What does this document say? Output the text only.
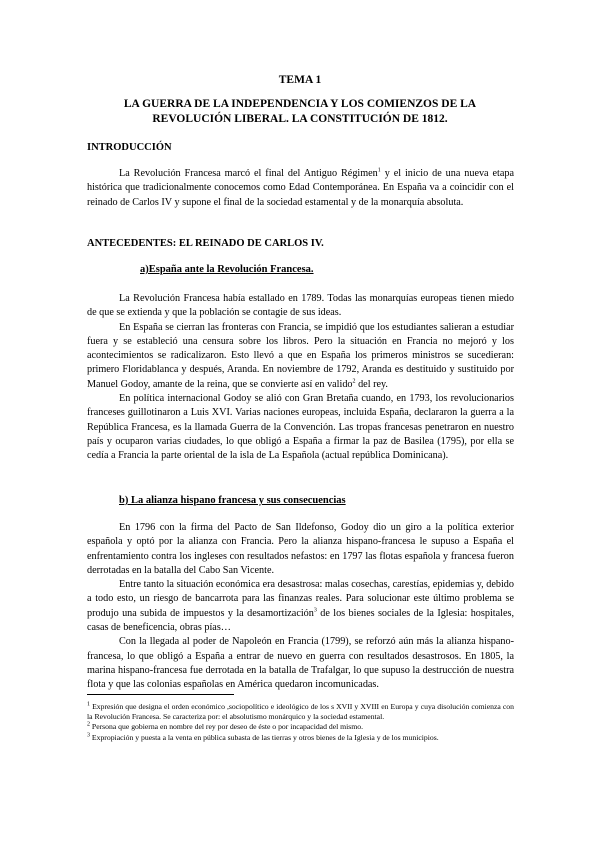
TEMA 1
LA GUERRA DE LA INDEPENDENCIA Y LOS COMIENZOS DE LA
REVOLUCIÓN LIBERAL. LA CONSTITUCIÓN DE 1812.
INTRODUCCIÓN

La Revolución Francesa marcó el final del Antiguo Régimen$^1$ y el inicio de una nueva etapa histórica que tradicionalmente conocemos como Edad Contemporánea. En España va a coincidir con el reinado de Carlos IV y supone el final de la sociedad estamental y de la monarquía absoluta.

ANTECEDENTES: EL REINADO DE CARLOS IV.
a)España ante la Revolución Francesa.

La Revolución Francesa había estallado en 1789. Todas las monarquías europeas tienen miedo de que se extienda y que la población se contagie de sus ideas.

En España se cierran las fronteras con Francia, se impidió que los estudiantes salieran a estudiar fuera y se estableció una censura sobre los libros. Pero la situación en Francia no mejoró y los acontecimientos se radicalizaron. Esto llevó a que en España los primeros ministros se sucedieran: primero Floridablanca y después, Aranda. En noviembre de 1792, Aranda es destituido y sustituido por Manuel Godoy, amante de la reina, que se convierte así en valido$^2$ del rey.

En política internacional Godoy se alió con Gran Bretaña cuando, en 1793, los revolucionarios franceses guillotinaron a Luis XVI. Varias naciones europeas, incluida España, declararon la guerra a la República Francesa, es la llamada Guerra de la Convención. Las tropas francesas penetraron en nuestro país y ocuparon varias ciudades, lo que obligó a España a firmar la paz de Basilea (1795), por ella se cedía a Francia la parte oriental de la isla de La Española (actual república Dominicana).

b) La alianza hispano francesa y sus consecuencias

En 1796 con la firma del Pacto de San Ildefonso, Godoy dio un giro a la política exterior española y optó por la alianza con Francia. Pero la alianza hispano-francesa le supuso a España el enfrentamiento contra los ingleses con resultados nefastos: en 1797 las flotas española y francesa fueron derrotadas en la batalla del Cabo San Vicente.

Entre tanto la situación económica era desastrosa: malas cosechas, carestías, epidemias y, debido a todo esto, un riesgo de bancarrota para las finanzas reales. Para solucionar este último problema se produjo una subida de impuestos y la desamortización$^3$ de los bienes sociales de la Iglesia: hospitales, casas de beneficencia, obras pías…

Con la llegada al poder de Napoleón en Francia (1799), se reforzó aún más la alianza hispano-francesa, lo que obligó a España a entrar de nuevo en guerra con resultados desastrosos. En 1805, la marina hispano-francesa fue derrotada en la batalla de Trafalgar, lo que supuso la destrucción de nuestra flota y que las colonias españolas en América quedaron incomunicadas.

$^1$ Expresión que designa el orden económico ,sociopolítico e ideológico de los s XVII y XVIII en Europa y cuya disolución comienza con la Revolución Francesa. Se caracteriza por: el absolutismo monárquico y la sociedad estamental.

$^2$ Persona que gobierna en nombre del rey por deseo de éste o por incapacidad del mismo.

$^3$ Expropiación y puesta a la venta en pública subasta de las tierras y otros bienes de la Iglesia y de los municipios.
